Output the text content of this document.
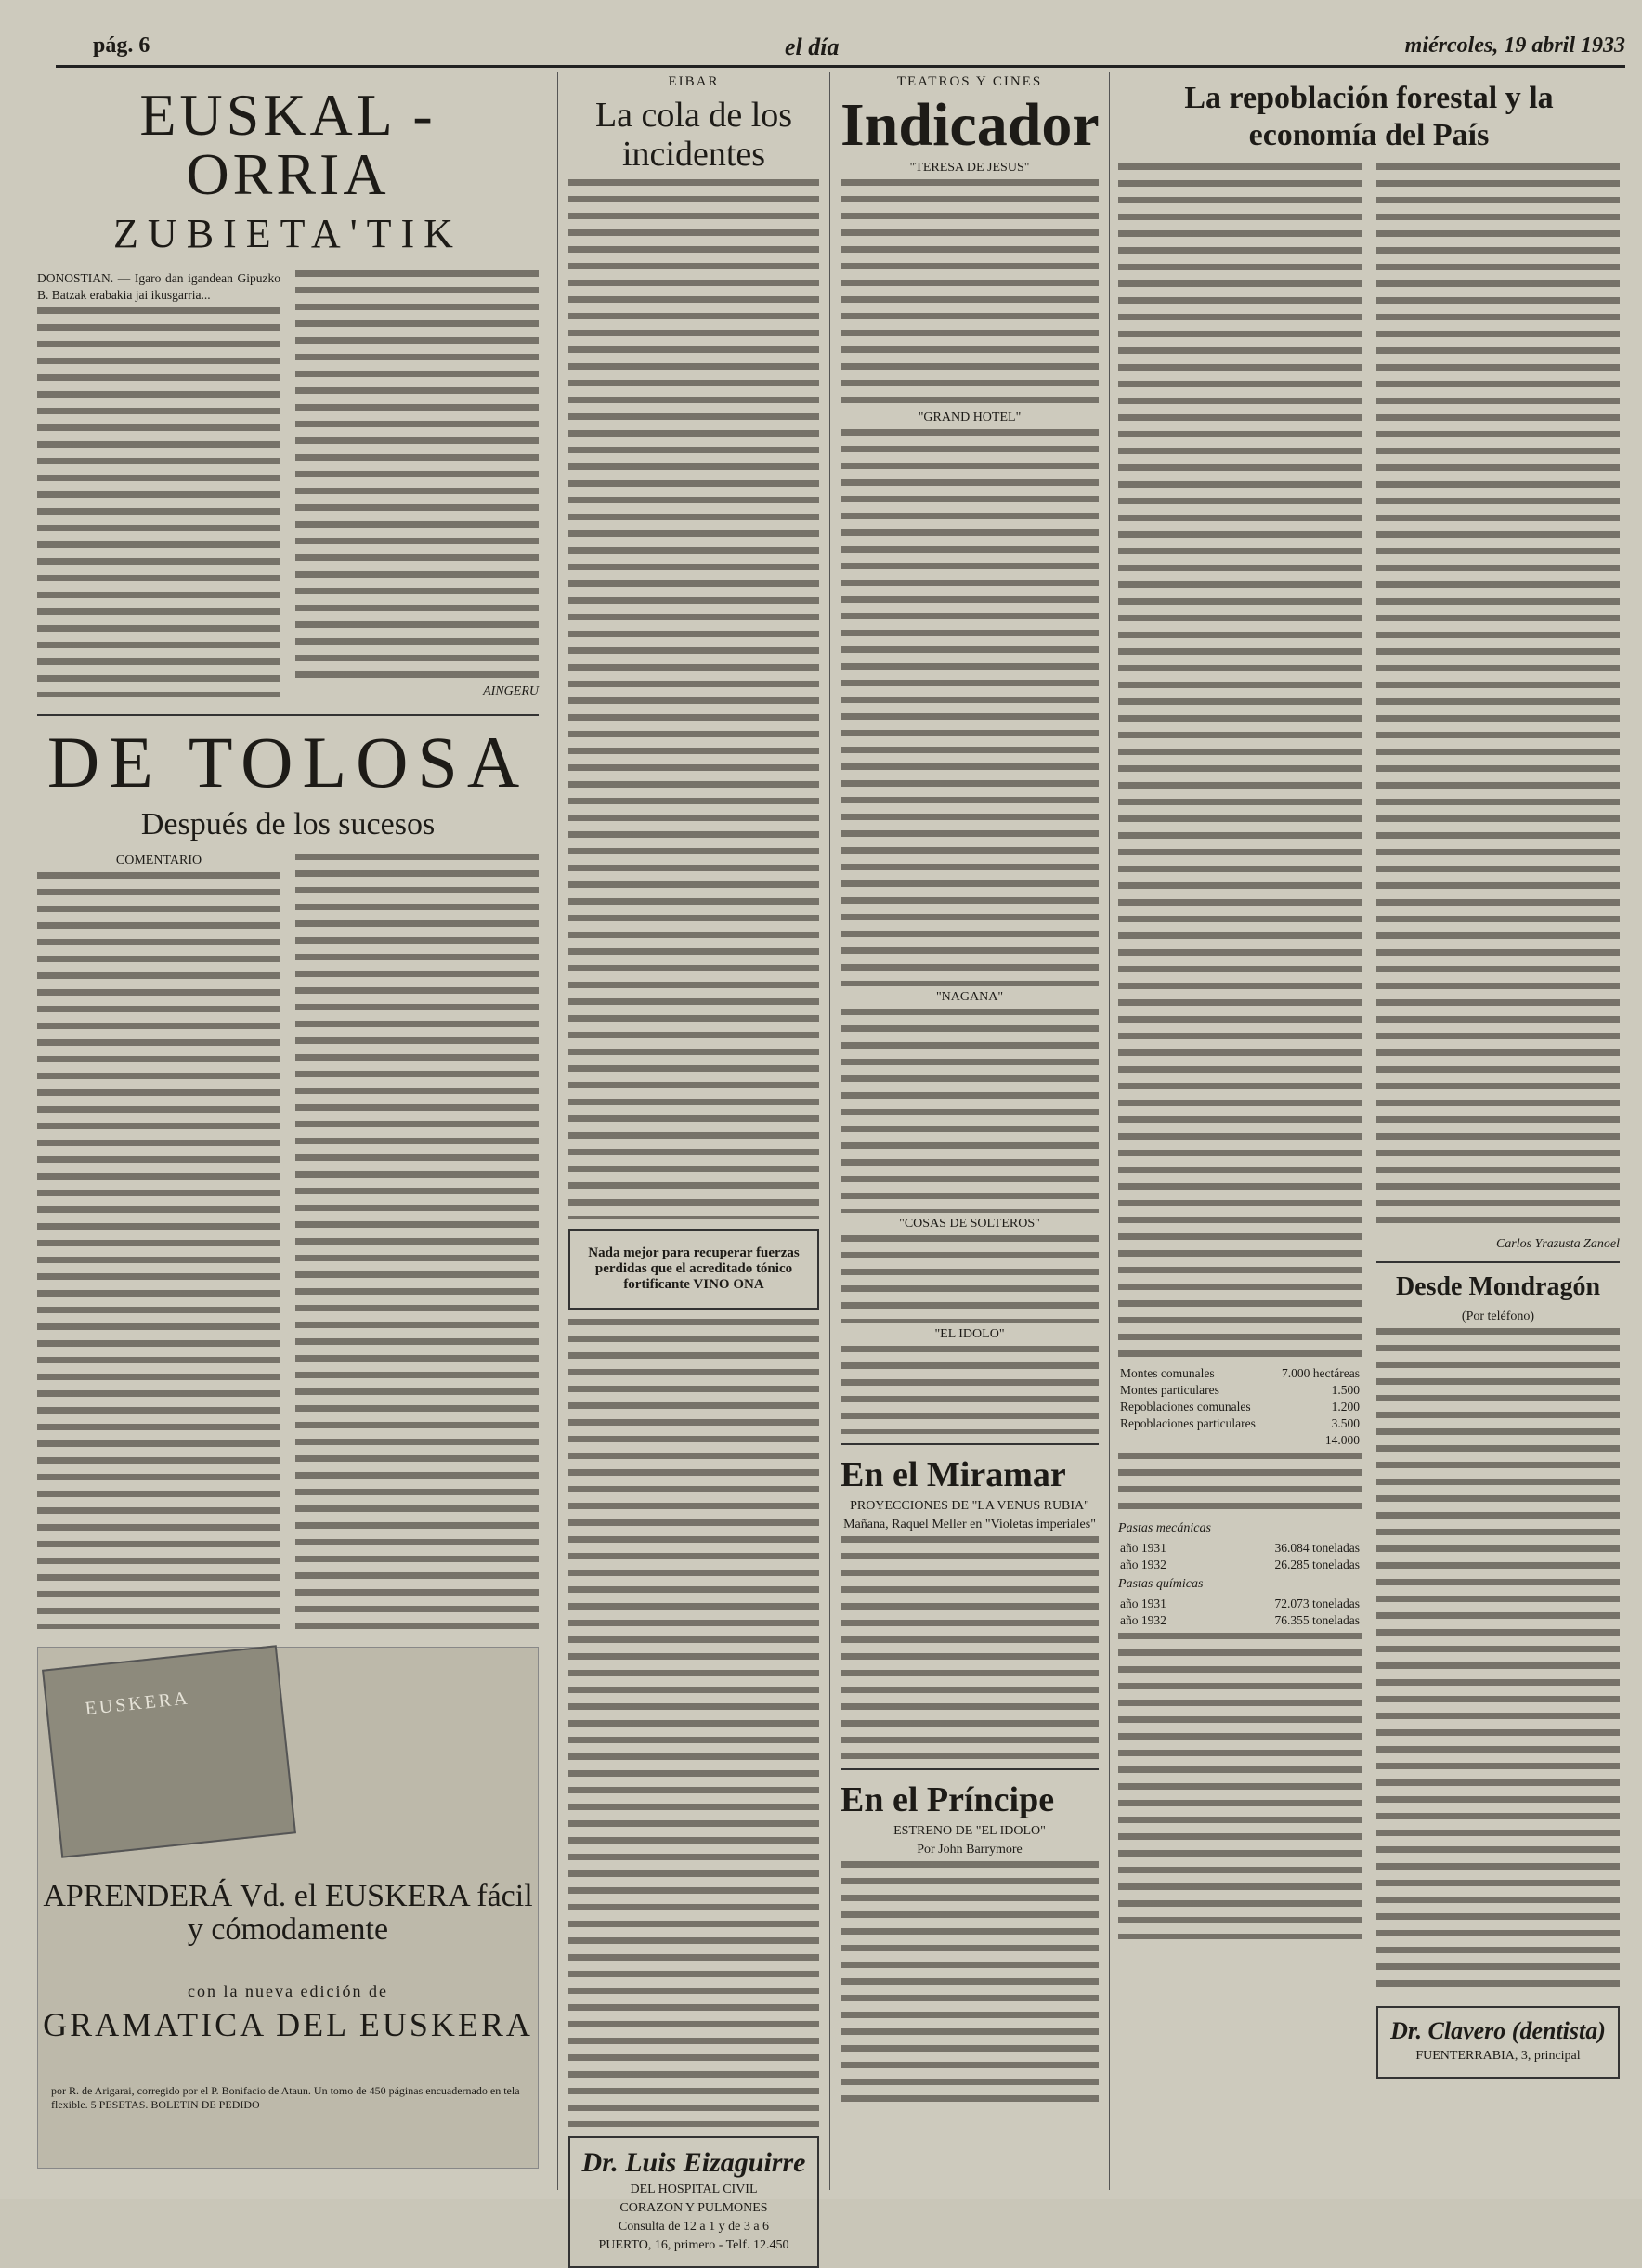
pág. 6	el día	miércoles, 19 abril 1933
EUSKAL - ORRIA
ZUBIETA'TIK

DONOSTIAN. — Igaro dan igandean Gipuzko B. Batzak erabakia jai ikusgarria...

AINGERU
DE TOLOSA
Después de los sucesos
COMENTARIO
EUSKERA
APRENDERÁ Vd. el EUSKERA fácil y cómodamente
con la nueva edición de
GRAMATICA DEL EUSKERA
por R. de Arigarai, corregido por el P. Bonifacio de Ataun. Un tomo de 450 páginas encuadernado en tela flexible. 5 PESETAS. BOLETIN DE PEDIDO
EIBAR
La cola de los incidentes
Nada mejor para recuperar fuerzas perdidas que el acreditado tónico fortificante VINO ONA
Dr. Luis Eizaguirre
DEL HOSPITAL CIVIL
CORAZON Y PULMONES
Consulta de 12 a 1 y de 3 a 6
PUERTO, 16, primero - Telf. 12.450
TEATROS Y CINES
Indicador
"TERESA DE JESUS"
"GRAND HOTEL"
"NAGANA"
"COSAS DE SOLTEROS"
"EL IDOLO"
En el Miramar
PROYECCIONES DE "LA VENUS RUBIA"
Mañana, Raquel Meller en "Violetas imperiales"
En el Príncipe
ESTRENO DE "EL IDOLO"
Por John Barrymore
La repoblación forestal y la economía del País
Montes comunales	7.000 hectáreas
Montes particulares	1.500
Repoblaciones comunales	1.200
Repoblaciones particulares	3.500
	14.000
Pastas mecánicas
año 1931	36.084 toneladas
año 1932	26.285 toneladas
Pastas químicas
año 1931	72.073 toneladas
año 1932	76.355 toneladas
Carlos Yrazusta Zanoel
Desde Mondragón
(Por teléfono)
Dr. Clavero (dentista)
FUENTERRABIA, 3, principal
